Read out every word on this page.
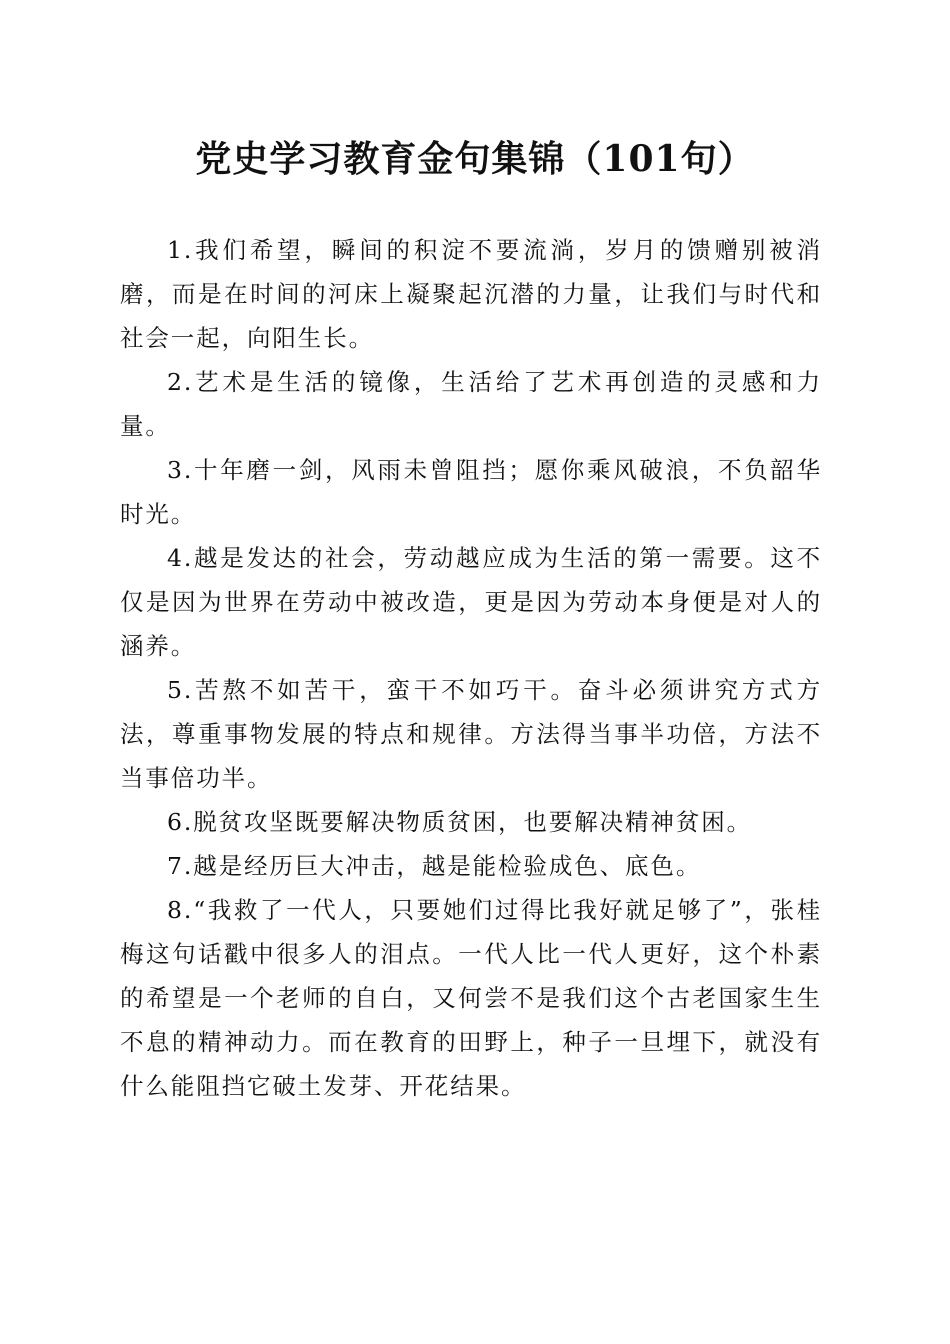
党史学习教育金句集锦（101句）

1.我们希望，瞬间的积淀不要流淌，岁月的馈赠别被消磨，而是在时间的河床上凝聚起沉潜的力量，让我们与时代和社会一起，向阳生长。

2.艺术是生活的镜像，生活给了艺术再创造的灵感和力量。

3.十年磨一剑，风雨未曾阻挡；愿你乘风破浪，不负韶华时光。

4.越是发达的社会，劳动越应成为生活的第一需要。这不仅是因为世界在劳动中被改造，更是因为劳动本身便是对人的涵养。

5.苦熬不如苦干，蛮干不如巧干。奋斗必须讲究方式方法，尊重事物发展的特点和规律。方法得当事半功倍，方法不当事倍功半。

6.脱贫攻坚既要解决物质贫困，也要解决精神贫困。

7.越是经历巨大冲击，越是能检验成色、底色。

8.“我救了一代人，只要她们过得比我好就足够了”，张桂梅这句话戳中很多人的泪点。一代人比一代人更好，这个朴素的希望是一个老师的自白，又何尝不是我们这个古老国家生生不息的精神动力。而在教育的田野上，种子一旦埋下，就没有什么能阻挡它破土发芽、开花结果。
